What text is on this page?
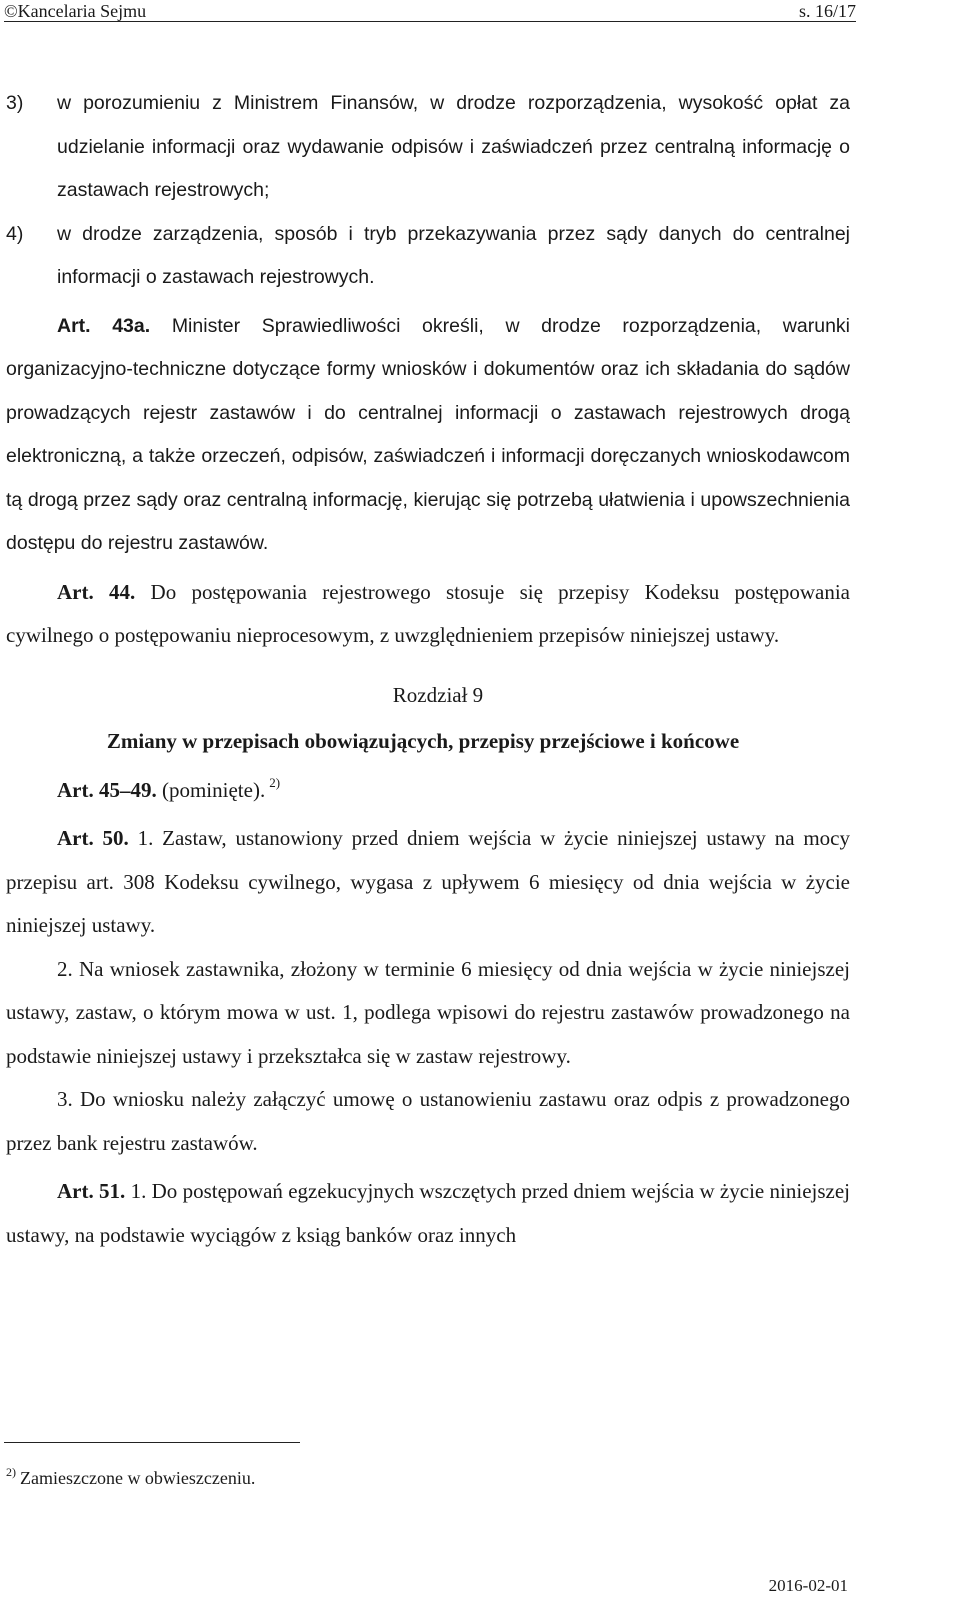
©Kancelaria Sejmu	s. 16/17

3) w porozumieniu z Ministrem Finansów, w drodze rozporządzenia, wysokość opłat za udzielanie informacji oraz wydawanie odpisów i zaświadczeń przez centralną informację o zastawach rejestrowych;

4) w drodze zarządzenia, sposób i tryb przekazywania przez sądy danych do centralnej informacji o zastawach rejestrowych.

Art. 43a. Minister Sprawiedliwości określi, w drodze rozporządzenia, warunki organizacyjno-techniczne dotyczące formy wniosków i dokumentów oraz ich składania do sądów prowadzących rejestr zastawów i do centralnej informacji o zastawach rejestrowych drogą elektroniczną, a także orzeczeń, odpisów, zaświadczeń i informacji doręczanych wnioskodawcom tą drogą przez sądy oraz centralną informację, kierując się potrzebą ułatwienia i upowszechnienia dostępu do rejestru zastawów.

Art. 44. Do postępowania rejestrowego stosuje się przepisy Kodeksu postępowania cywilnego o postępowaniu nieprocesowym, z uwzględnieniem przepisów niniejszej ustawy.

Rozdział 9

Zmiany w przepisach obowiązujących, przepisy przejściowe i końcowe

Art. 45–49. (pominięte). $^{2)}$

Art. 50. 1. Zastaw, ustanowiony przed dniem wejścia w życie niniejszej ustawy na mocy przepisu art. 308 Kodeksu cywilnego, wygasa z upływem 6 miesięcy od dnia wejścia w życie niniejszej ustawy.

2. Na wniosek zastawnika, złożony w terminie 6 miesięcy od dnia wejścia w życie niniejszej ustawy, zastaw, o którym mowa w ust. 1, podlega wpisowi do rejestru zastawów prowadzonego na podstawie niniejszej ustawy i przekształca się w zastaw rejestrowy.

3. Do wniosku należy załączyć umowę o ustanowieniu zastawu oraz odpis z prowadzonego przez bank rejestru zastawów.

Art. 51. 1. Do postępowań egzekucyjnych wszczętych przed dniem wejścia w życie niniejszej ustawy, na podstawie wyciągów z ksiąg banków oraz innych

$^{2)}$ Zamieszczone w obwieszczeniu.
2016-02-01
